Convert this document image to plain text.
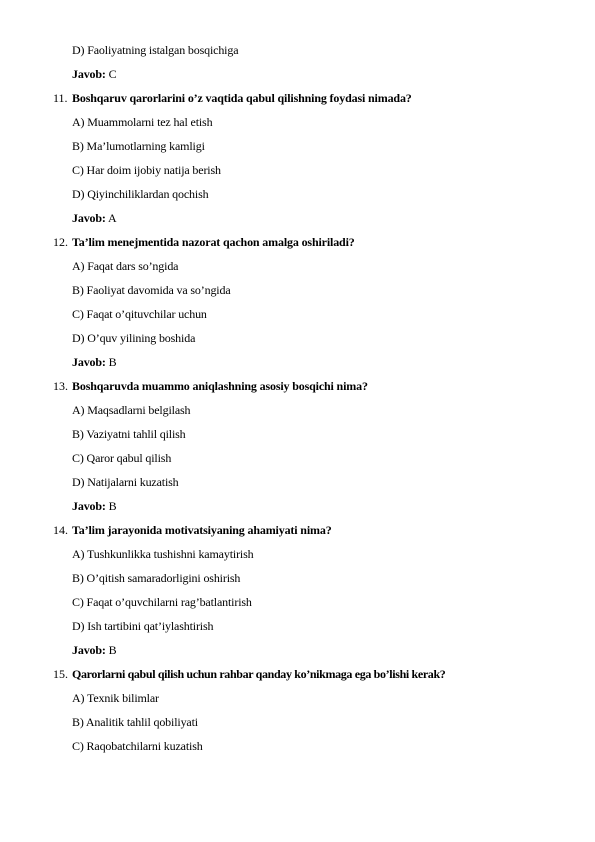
D) Faoliyatning istalgan bosqichiga
Javob: C
11. Boshqaruv qarorlarini o’z vaqtida qabul qilishning foydasi nimada?
A) Muammolarni tez hal etish
B) Ma’lumotlarning kamligi
C) Har doim ijobiy natija berish
D) Qiyinchiliklardan qochish
Javob: A
12. Ta’lim menejmentida nazorat qachon amalga oshiriladi?
A) Faqat dars so’ngida
B) Faoliyat davomida va so’ngida
C) Faqat o’qituvchilar uchun
D) O’quv yilining boshida
Javob: B
13. Boshqaruvda muammo aniqlashning asosiy bosqichi nima?
A) Maqsadlarni belgilash
B) Vaziyatni tahlil qilish
C) Qaror qabul qilish
D) Natijalarni kuzatish
Javob: B
14. Ta’lim jarayonida motivatsiyaning ahamiyati nima?
A) Tushkunlikka tushishni kamaytirish
B) O’qitish samaradorligini oshirish
C) Faqat o’quvchilarni rag’batlantirish
D) Ish tartibini qat’iylashtirish
Javob: B
15. Qarorlarni qabul qilish uchun rahbar qanday ko’nikmaga ega bo’lishi kerak?
A) Texnik bilimlar
B) Analitik tahlil qobiliyati
C) Raqobatchilarni kuzatish
